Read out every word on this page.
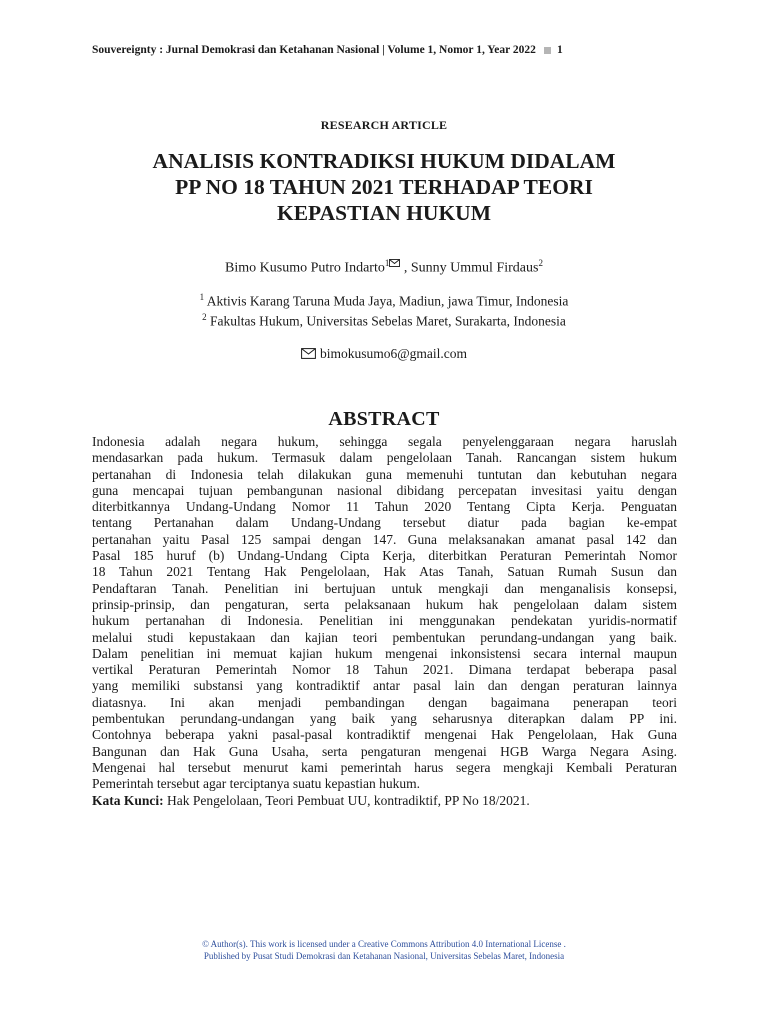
Souvereignty : Jurnal Demokrasi dan Ketahanan Nasional | Volume 1, Nomor 1, Year 2022 1
RESEARCH ARTICLE
ANALISIS KONTRADIKSI HUKUM DIDALAM
PP NO 18 TAHUN 2021 TERHADAP TEORI
KEPASTIAN HUKUM
Bimo Kusumo Putro Indarto$^1$ , Sunny Ummul Firdaus$^2$
$^1$ Aktivis Karang Taruna Muda Jaya, Madiun, jawa Timur, Indonesia
$^2$ Fakultas Hukum, Universitas Sebelas Maret, Surakarta, Indonesia
bimokusumo6@gmail.com
ABSTRACT
Indonesia adalah negara hukum, sehingga segala penyelenggaraan negara haruslah
mendasarkan pada hukum. Termasuk dalam pengelolaan Tanah. Rancangan sistem hukum
pertanahan di Indonesia telah dilakukan guna memenuhi tuntutan dan kebutuhan negara
guna mencapai tujuan pembangunan nasional dibidang percepatan invesitasi yaitu dengan
diterbitkannya Undang-Undang Nomor 11 Tahun 2020 Tentang Cipta Kerja. Penguatan
tentang Pertanahan dalam Undang-Undang tersebut diatur pada bagian ke-empat
pertanahan yaitu Pasal 125 sampai dengan 147. Guna melaksanakan amanat pasal 142 dan
Pasal 185 huruf (b) Undang-Undang Cipta Kerja, diterbitkan Peraturan Pemerintah Nomor
18 Tahun 2021 Tentang Hak Pengelolaan, Hak Atas Tanah, Satuan Rumah Susun dan
Pendaftaran Tanah. Penelitian ini bertujuan untuk mengkaji dan menganalisis konsepsi,
prinsip-prinsip, dan pengaturan, serta pelaksanaan hukum hak pengelolaan dalam sistem
hukum pertanahan di Indonesia. Penelitian ini menggunakan pendekatan yuridis-normatif
melalui studi kepustakaan dan kajian teori pembentukan perundang-undangan yang baik.
Dalam penelitian ini memuat kajian hukum mengenai inkonsistensi secara internal maupun
vertikal Peraturan Pemerintah Nomor 18 Tahun 2021. Dimana terdapat beberapa pasal
yang memiliki substansi yang kontradiktif antar pasal lain dan dengan peraturan lainnya
diatasnya. Ini akan menjadi pembandingan dengan bagaimana penerapan teori
pembentukan perundang-undangan yang baik yang seharusnya diterapkan dalam PP ini.
Contohnya beberapa yakni pasal-pasal kontradiktif mengenai Hak Pengelolaan, Hak Guna
Bangunan dan Hak Guna Usaha, serta pengaturan mengenai HGB Warga Negara Asing.
Mengenai hal tersebut menurut kami pemerintah harus segera mengkaji Kembali Peraturan
Pemerintah tersebut agar terciptanya suatu kepastian hukum.
Kata Kunci: Hak Pengelolaan, Teori Pembuat UU, kontradiktif, PP No 18/2021.
© Author(s). This work is licensed under a Creative Commons Attribution 4.0 International License .
Published by Pusat Studi Demokrasi dan Ketahanan Nasional, Universitas Sebelas Maret, Indonesia
